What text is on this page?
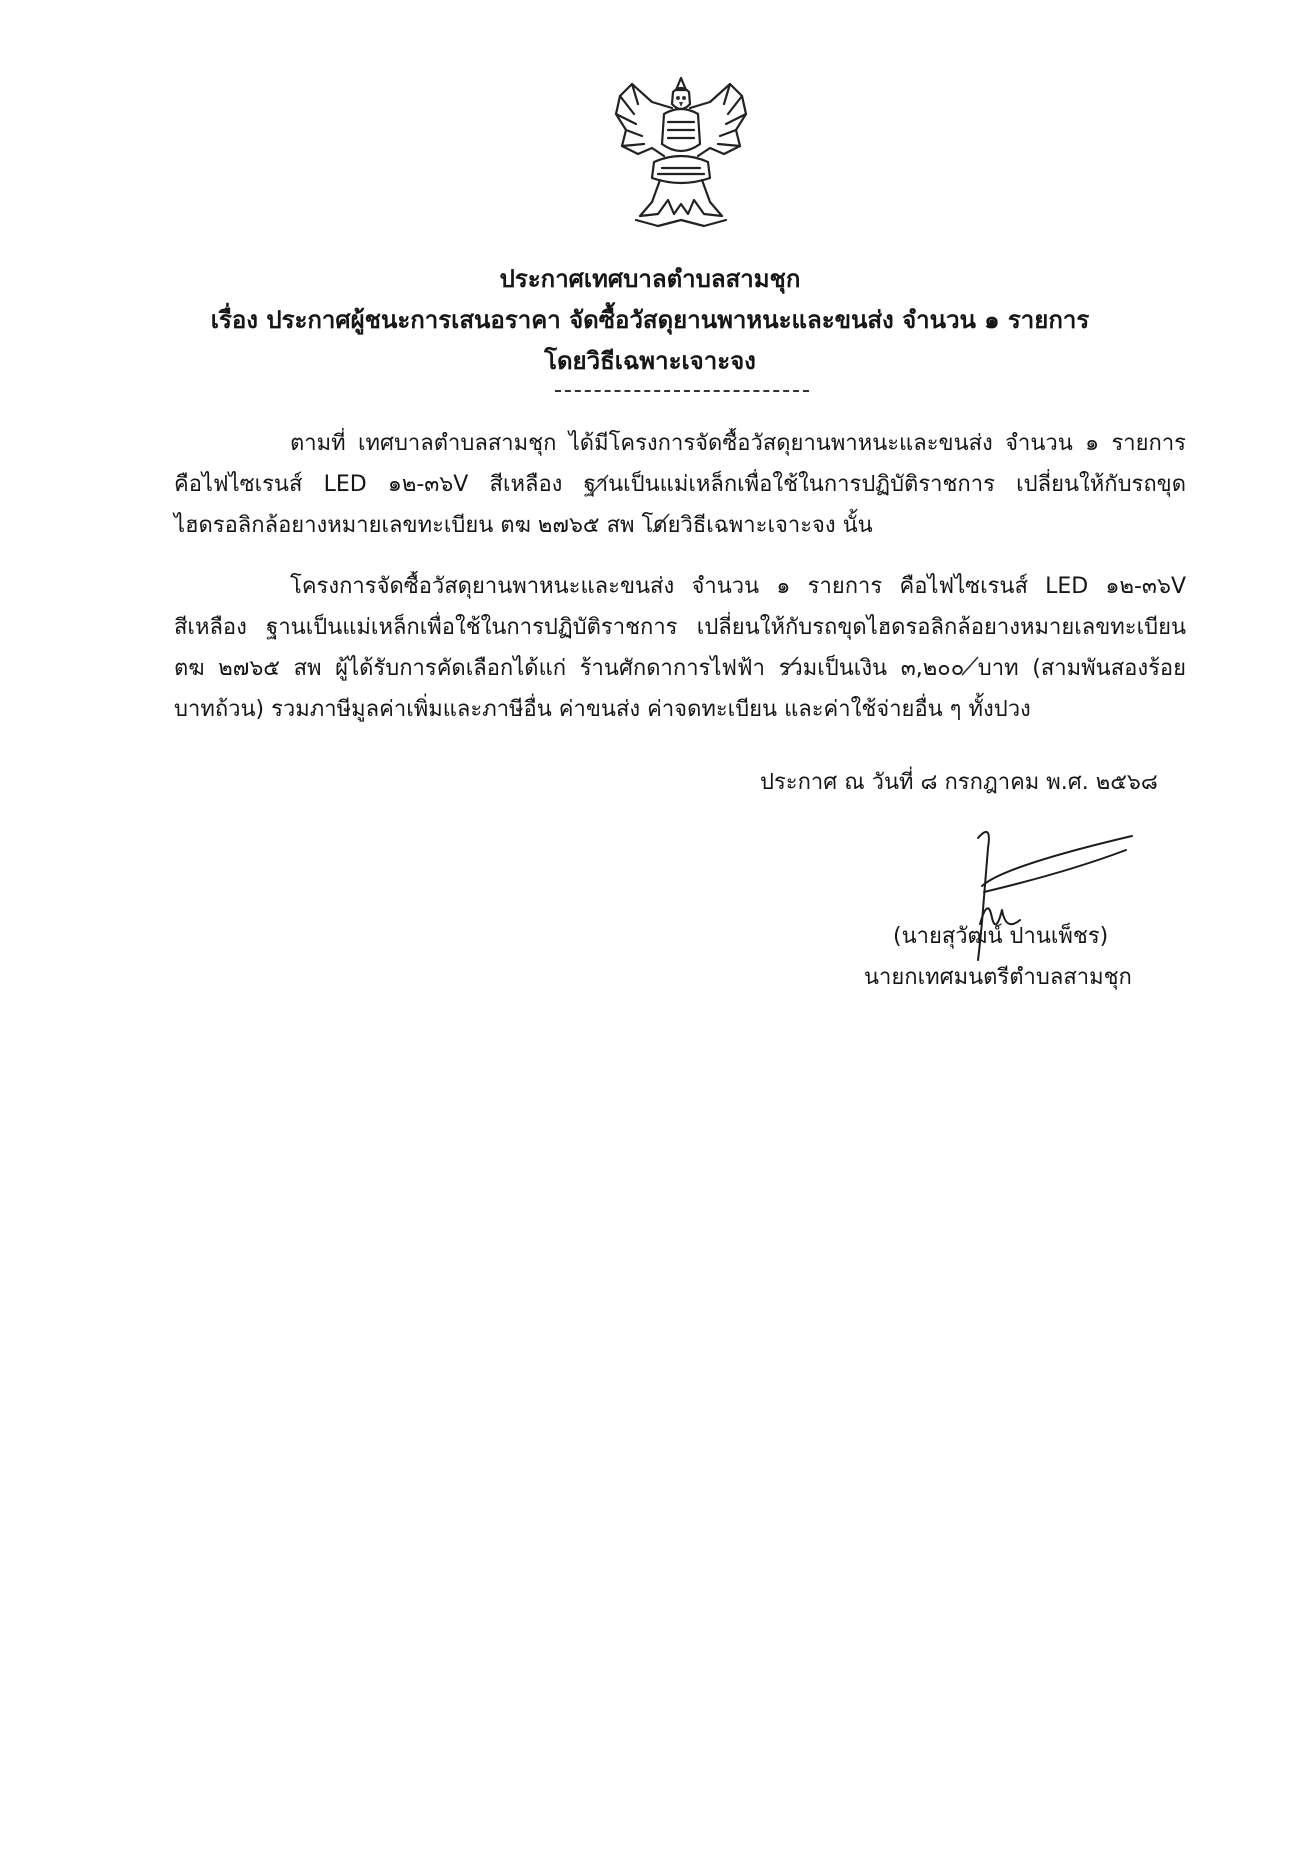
ประกาศเทศบาลตำบลสามชุก
เรื่อง ประกาศผู้ชนะการเสนอราคา จัดซื้อวัสดุยานพาหนะและขนส่ง จำนวน ๑ รายการ
โดยวิธีเฉพาะเจาะจง
ตามที่ เทศบาลตำบลสามชุก ได้มีโครงการจัดซื้อวัสดุยานพาหนะและขนส่ง จำนวน ๑ รายการ
คือไฟไซเรนส์ LED ๑๒-๓๖V สีเหลือง ฐานเป็นแม่เหล็กเพื่อใช้ในการปฏิบัติราชการ เปลี่ยนให้กับรถขุด
ไฮดรอลิกล้อยางหมายเลขทะเบียน ตฆ ๒๗๖๕ สพ โดยวิธีเฉพาะเจาะจง นั้น
โครงการจัดซื้อวัสดุยานพาหนะและขนส่ง จำนวน ๑ รายการ คือไฟไซเรนส์ LED ๑๒-๓๖V
สีเหลือง ฐานเป็นแม่เหล็กเพื่อใช้ในการปฏิบัติราชการ เปลี่ยนให้กับรถขุดไฮดรอลิกล้อยางหมายเลขทะเบียน
ตฆ ๒๗๖๕ สพ ผู้ได้รับการคัดเลือกได้แก่ ร้านศักดาการไฟฟ้า รวมเป็นเงิน ๓,๒๐๐ บาท (สามพันสองร้อย
บาทถ้วน) รวมภาษีมูลค่าเพิ่มและภาษีอื่น ค่าขนส่ง ค่าจดทะเบียน และค่าใช้จ่ายอื่น ๆ ทั้งปวง
ประกาศ ณ วันที่ ๘ กรกฎาคม พ.ศ. ๒๕๖๘
(นายสุวัฒน์ ปานเพ็ชร)
นายกเทศมนตรีตำบลสามชุก
